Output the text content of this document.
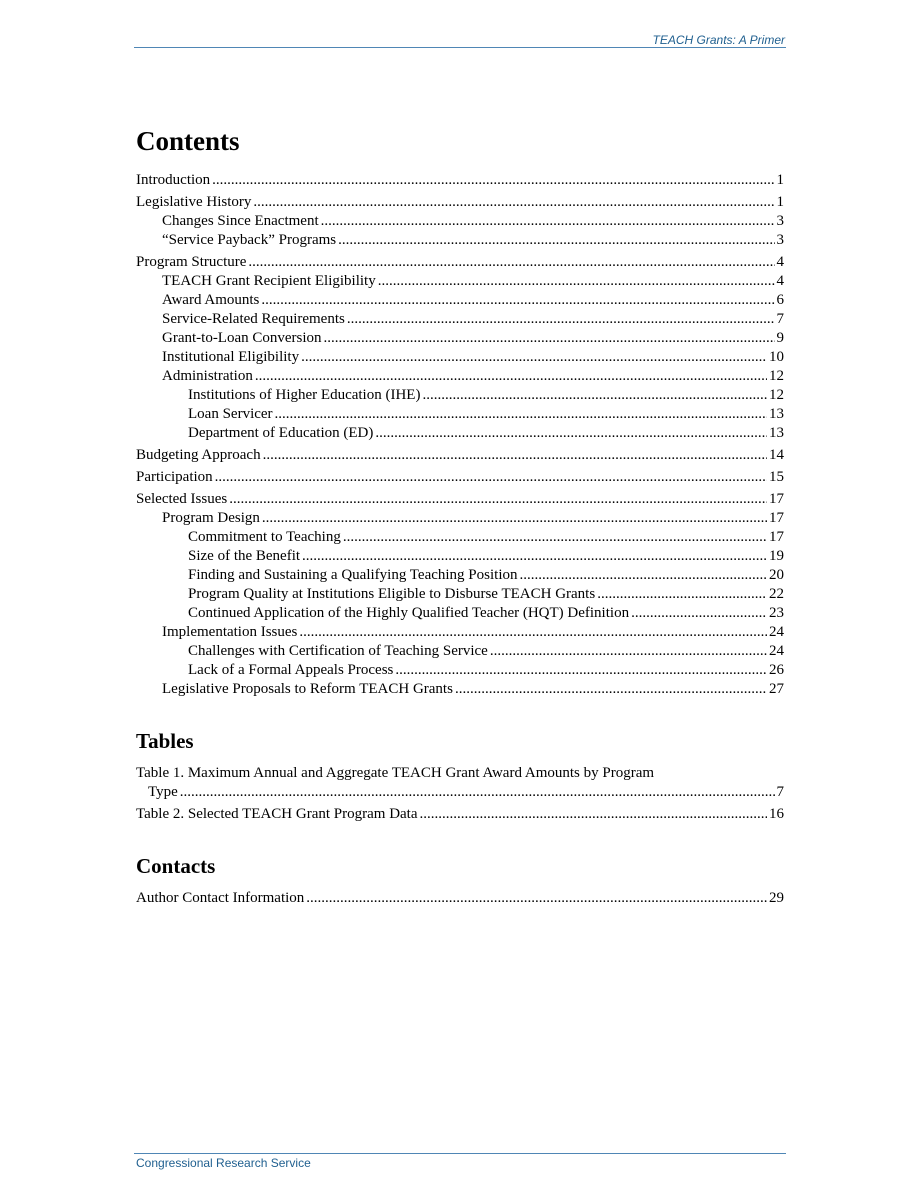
TEACH Grants: A Primer
Contents
Introduction .....	1
Legislative History .....	1
Changes Since Enactment .....	3
“Service Payback” Programs .....	3
Program Structure .....	4
TEACH Grant Recipient Eligibility .....	4
Award Amounts .....	6
Service-Related Requirements .....	7
Grant-to-Loan Conversion .....	9
Institutional Eligibility .....	10
Administration .....	12
Institutions of Higher Education (IHE) .....	12
Loan Servicer .....	13
Department of Education (ED) .....	13
Budgeting Approach .....	14
Participation .....	15
Selected Issues .....	17
Program Design .....	17
Commitment to Teaching .....	17
Size of the Benefit .....	19
Finding and Sustaining a Qualifying Teaching Position .....	20
Program Quality at Institutions Eligible to Disburse TEACH Grants .....	22
Continued Application of the Highly Qualified Teacher (HQT) Definition .....	23
Implementation Issues .....	24
Challenges with Certification of Teaching Service .....	24
Lack of a Formal Appeals Process .....	26
Legislative Proposals to Reform TEACH Grants .....	27
Tables
Table 1. Maximum Annual and Aggregate TEACH Grant Award Amounts by Program
Type .....	7
Table 2. Selected TEACH Grant Program Data .....	16
Contacts
Author Contact Information .....	29
Congressional Research Service
